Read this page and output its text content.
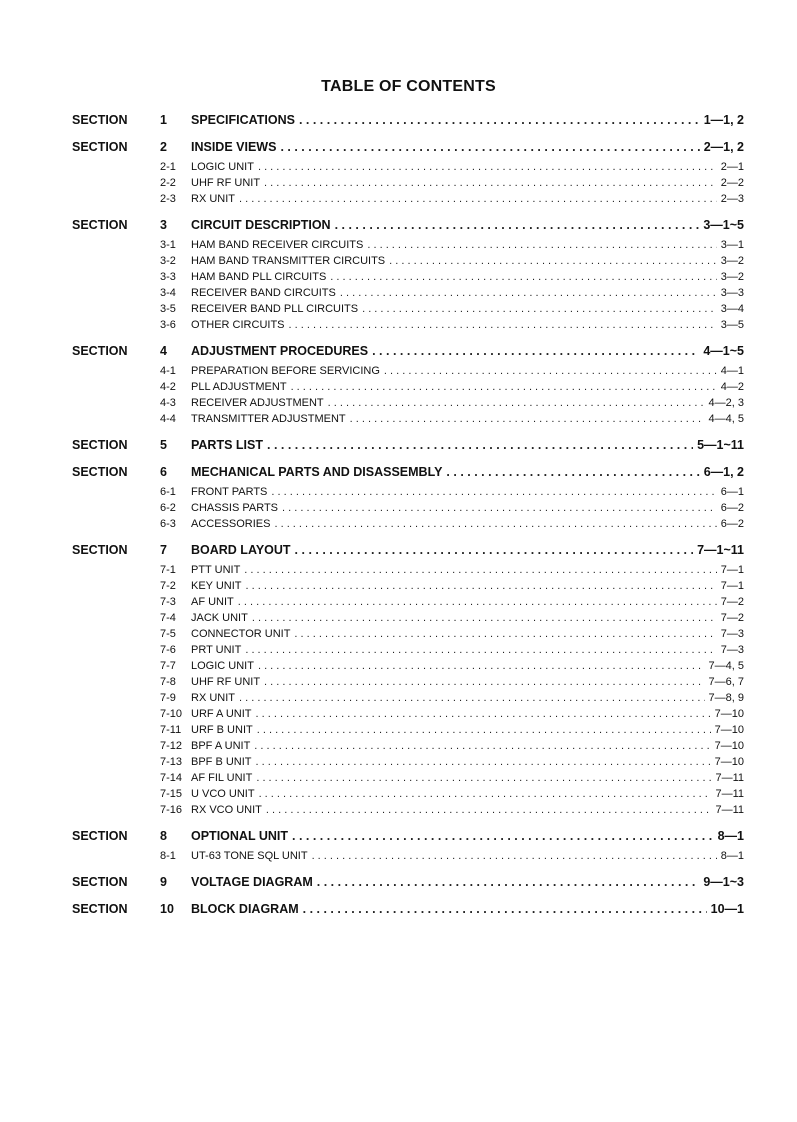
TABLE OF CONTENTS
SECTION	1	SPECIFICATIONS . . .	1—1, 2
SECTION	2	INSIDE VIEWS . . .	2—1, 2
2-1	LOGIC UNIT . . .	2—1
2-2	UHF RF UNIT . . .	2—2
2-3	RX UNIT . . .	2—3
SECTION	3	CIRCUIT DESCRIPTION . . .	3—1~5
3-1	HAM BAND RECEIVER CIRCUITS . . .	3—1
3-2	HAM BAND TRANSMITTER CIRCUITS . . .	3—2
3-3	HAM BAND PLL CIRCUITS . . .	3—2
3-4	RECEIVER BAND CIRCUITS . . .	3—3
3-5	RECEIVER BAND PLL CIRCUITS . . .	3—4
3-6	OTHER CIRCUITS . . .	3—5
SECTION	4	ADJUSTMENT PROCEDURES . . .	4—1~5
4-1	PREPARATION BEFORE SERVICING . . .	4—1
4-2	PLL ADJUSTMENT . . .	4—2
4-3	RECEIVER ADJUSTMENT . . .	4—2, 3
4-4	TRANSMITTER ADJUSTMENT . . .	4—4, 5
SECTION	5	PARTS LIST . . .	5—1~11
SECTION	6	MECHANICAL PARTS AND DISASSEMBLY . . .	6—1, 2
6-1	FRONT PARTS . . .	6—1
6-2	CHASSIS PARTS . . .	6—2
6-3	ACCESSORIES . . .	6—2
SECTION	7	BOARD LAYOUT . . .	7—1~11
7-1	PTT UNIT . . .	7—1
7-2	KEY UNIT . . .	7—1
7-3	AF UNIT . . .	7—2
7-4	JACK UNIT . . .	7—2
7-5	CONNECTOR UNIT . . .	7—3
7-6	PRT UNIT . . .	7—3
7-7	LOGIC UNIT . . .	7—4, 5
7-8	UHF RF UNIT . . .	7—6, 7
7-9	RX UNIT . . .	7—8, 9
7-10 URF A UNIT . . .	7—10
7-11 URF B UNIT . . .	7—10
7-12 BPF A UNIT . . .	7—10
7-13 BPF B UNIT . . .	7—10
7-14 AF FIL UNIT . . .	7—11
7-15 U VCO UNIT . . .	7—11
7-16 RX VCO UNIT . . .	7—11
SECTION	8	OPTIONAL UNIT . . .	8—1
8-1	UT-63 TONE SQL UNIT . . .	8—1
SECTION	9	VOLTAGE DIAGRAM . . .	9—1~3
SECTION	10	BLOCK DIAGRAM . . .	10—1
